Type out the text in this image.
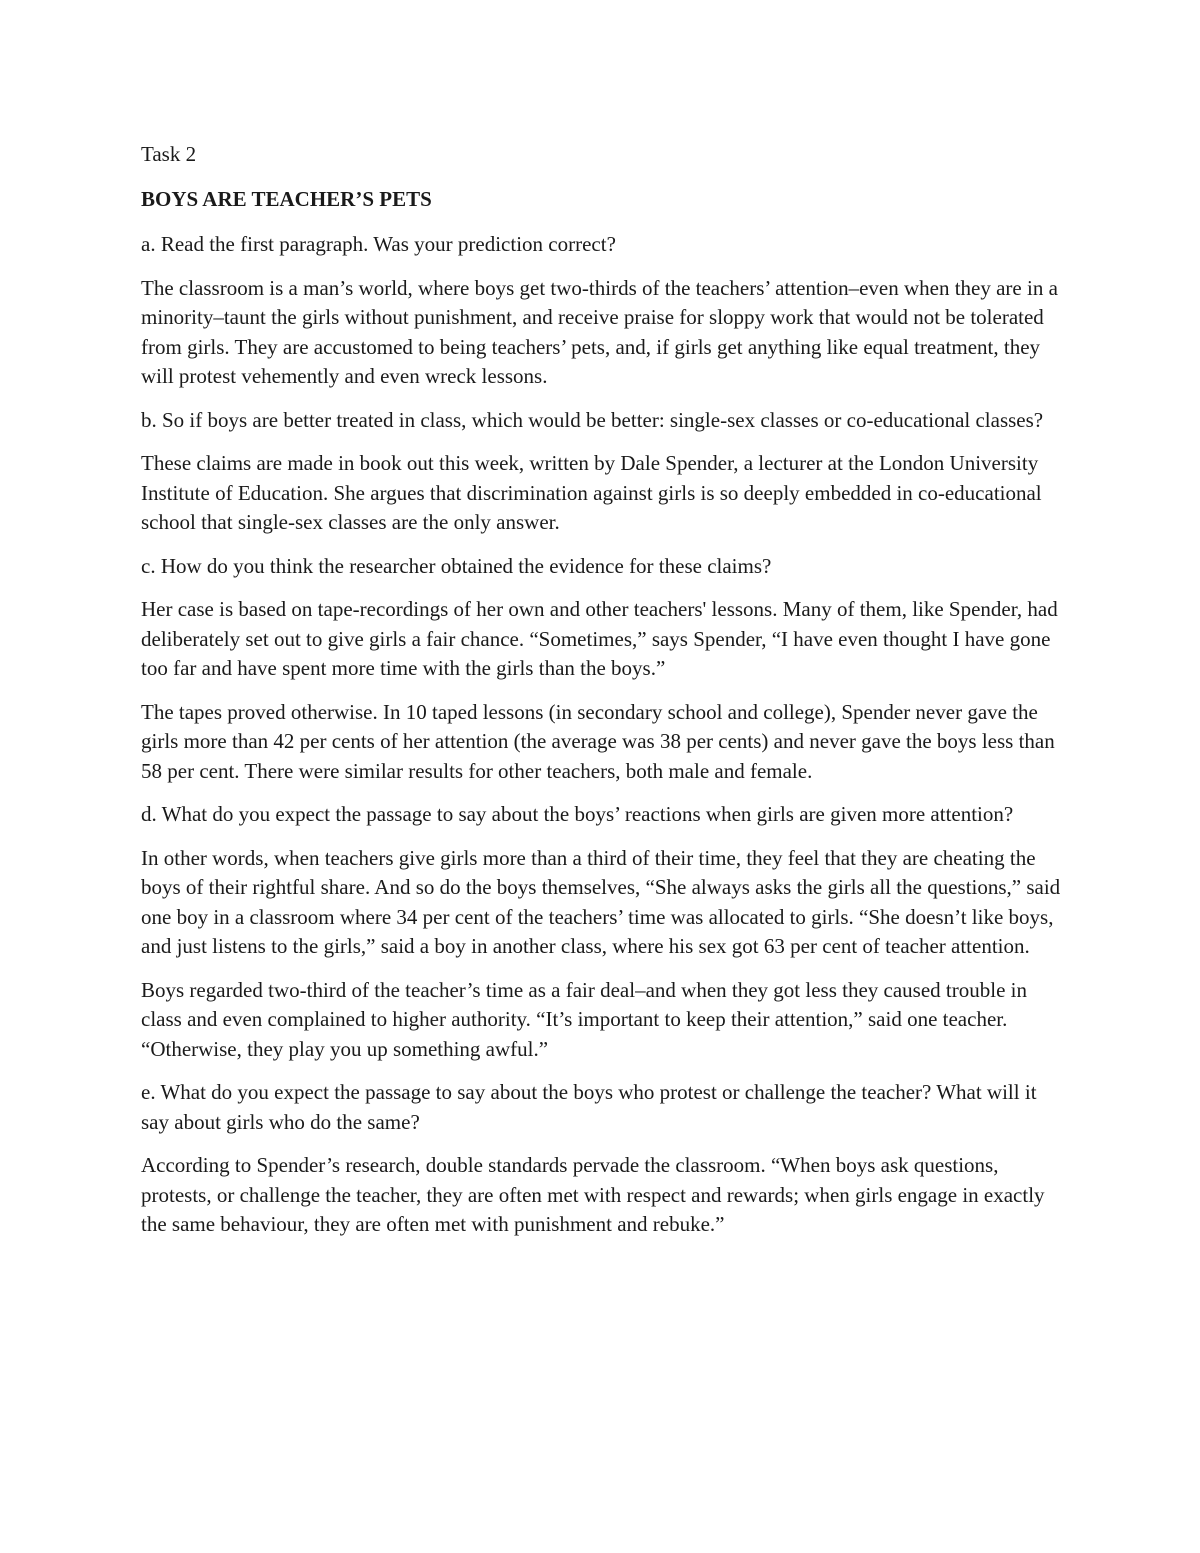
Task 2

BOYS ARE TEACHER’S PETS

a. Read the first paragraph. Was your prediction correct?

The classroom is a man’s world, where boys get two-thirds of the teachers’ attention–even when they are in a minority–taunt the girls without punishment, and receive praise for sloppy work that would not be tolerated from girls. They are accustomed to being teachers’ pets, and, if girls get anything like equal treatment, they will protest vehemently and even wreck lessons.

b. So if boys are better treated in class, which would be better: single-sex classes or co-educational classes?

These claims are made in book out this week, written by Dale Spender, a lecturer at the London University Institute of Education. She argues that discrimination against girls is so deeply embedded in co-educational school that single-sex classes are the only answer.

c. How do you think the researcher obtained the evidence for these claims?

Her case is based on tape-recordings of her own and other teachers' lessons. Many of them, like Spender, had deliberately set out to give girls a fair chance. “Sometimes,” says Spender, “I have even thought I have gone too far and have spent more time with the girls than the boys.”

The tapes proved otherwise. In 10 taped lessons (in secondary school and college), Spender never gave the girls more than 42 per cents of her attention (the average was 38 per cents) and never gave the boys less than 58 per cent. There were similar results for other teachers, both male and female.

d. What do you expect the passage to say about the boys’ reactions when girls are given more attention?

In other words, when teachers give girls more than a third of their time, they feel that they are cheating the boys of their rightful share. And so do the boys themselves, “She always asks the girls all the questions,” said one boy in a classroom where 34 per cent of the teachers’ time was allocated to girls. “She doesn’t like boys, and just listens to the girls,” said a boy in another class, where his sex got 63 per cent of teacher attention.

Boys regarded two-third of the teacher’s time as a fair deal–and when they got less they caused trouble in class and even complained to higher authority. “It’s important to keep their attention,” said one teacher. “Otherwise, they play you up something awful.”

e. What do you expect the passage to say about the boys who protest or challenge the teacher? What will it say about girls who do the same?

According to Spender’s research, double standards pervade the classroom. “When boys ask questions, protests, or challenge the teacher, they are often met with respect and rewards; when girls engage in exactly the same behaviour, they are often met with punishment and rebuke.”
